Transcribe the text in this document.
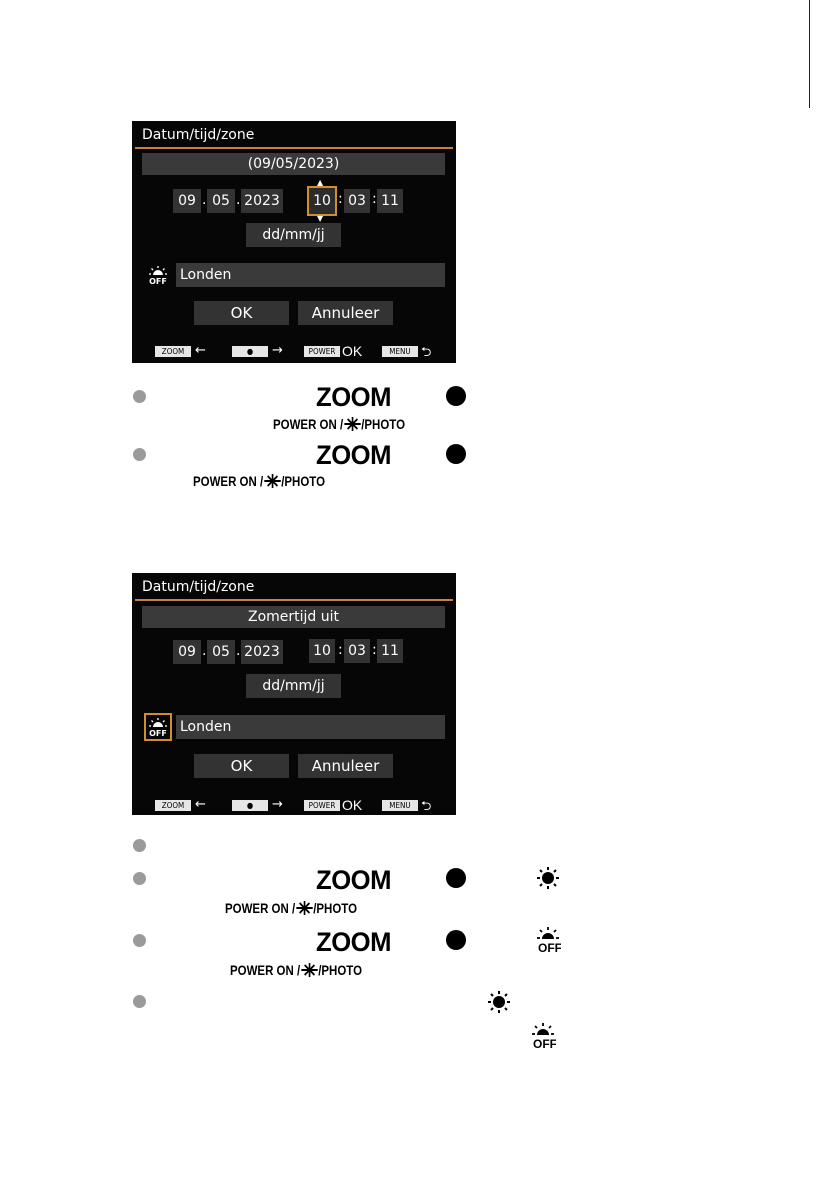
Datum/tijd/zone
(09/05/2023)
09 . 05 . 2023
▲
10
▼
: 03 : 11
dd/mm/jj
OFF Londen
OK	Annuleer
ZOOM ←	●	→	POWER OK	MENU ⮌
ZOOM
POWER ON / /PHOTO
ZOOM
POWER ON / /PHOTO
Datum/tijd/zone
Zomertijd uit
09 . 05 . 2023 10 : 03 : 11
dd/mm/jj
OFF Londen
OK	Annuleer
ZOOM ←	●	→	POWER OK	MENU ⮌
ZOOM
POWER ON / /PHOTO
ZOOM	OFF
POWER ON / /PHOTO
OFF
